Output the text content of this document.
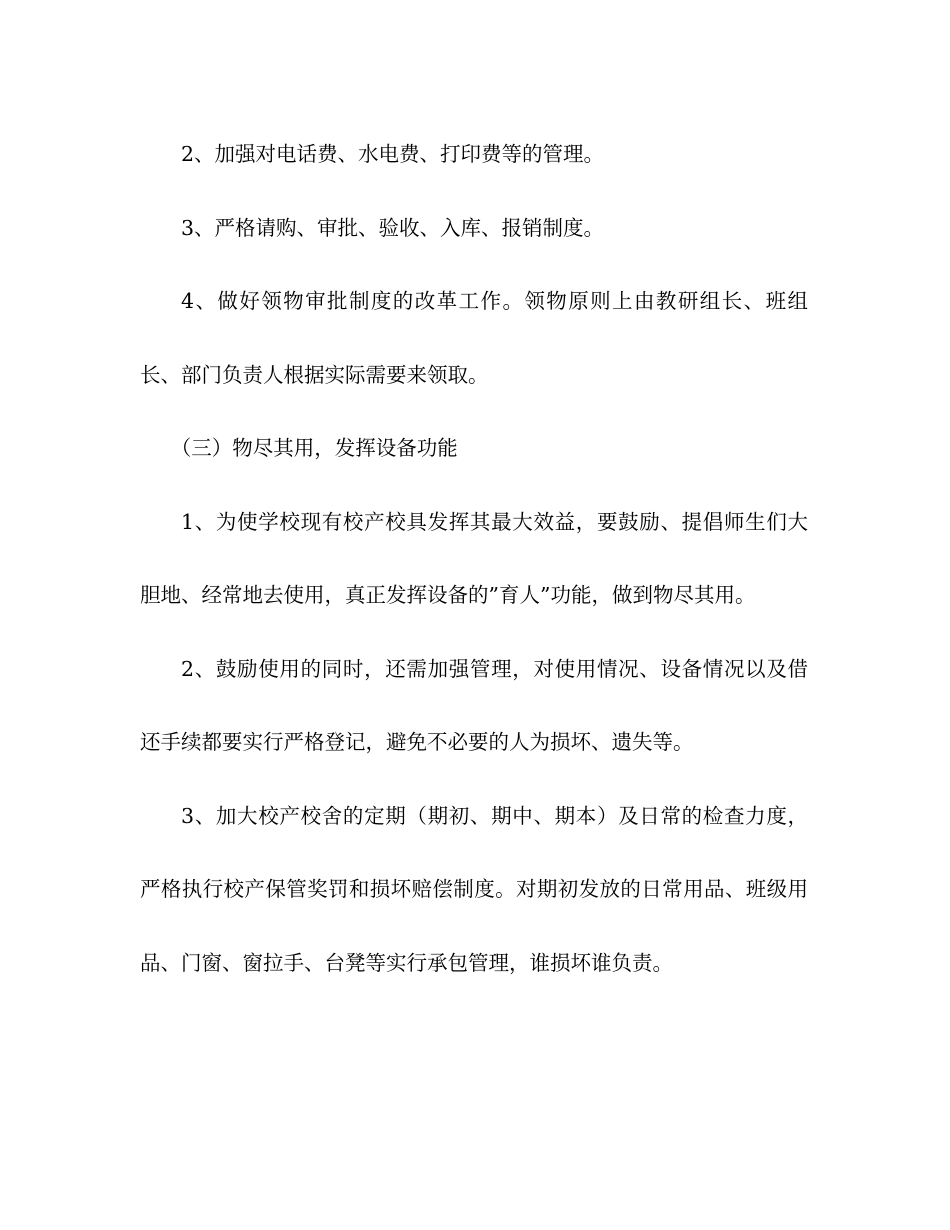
2、加强对电话费、水电费、打印费等的管理。

3、严格请购、审批、验收、入库、报销制度。

4、做好领物审批制度的改革工作。领物原则上由教研组长、班组长、部门负责人根据实际需要来领取。

（三）物尽其用，发挥设备功能

1、为使学校现有校产校具发挥其最大效益，要鼓励、提倡师生们大胆地、经常地去使用，真正发挥设备的”育人”功能，做到物尽其用。

2、鼓励使用的同时，还需加强管理，对使用情况、设备情况以及借还手续都要实行严格登记，避免不必要的人为损坏、遗失等。

3、加大校产校舍的定期（期初、期中、期本）及日常的检查力度，严格执行校产保管奖罚和损坏赔偿制度。对期初发放的日常用品、班级用品、门窗、窗拉手、台凳等实行承包管理，谁损坏谁负责。
